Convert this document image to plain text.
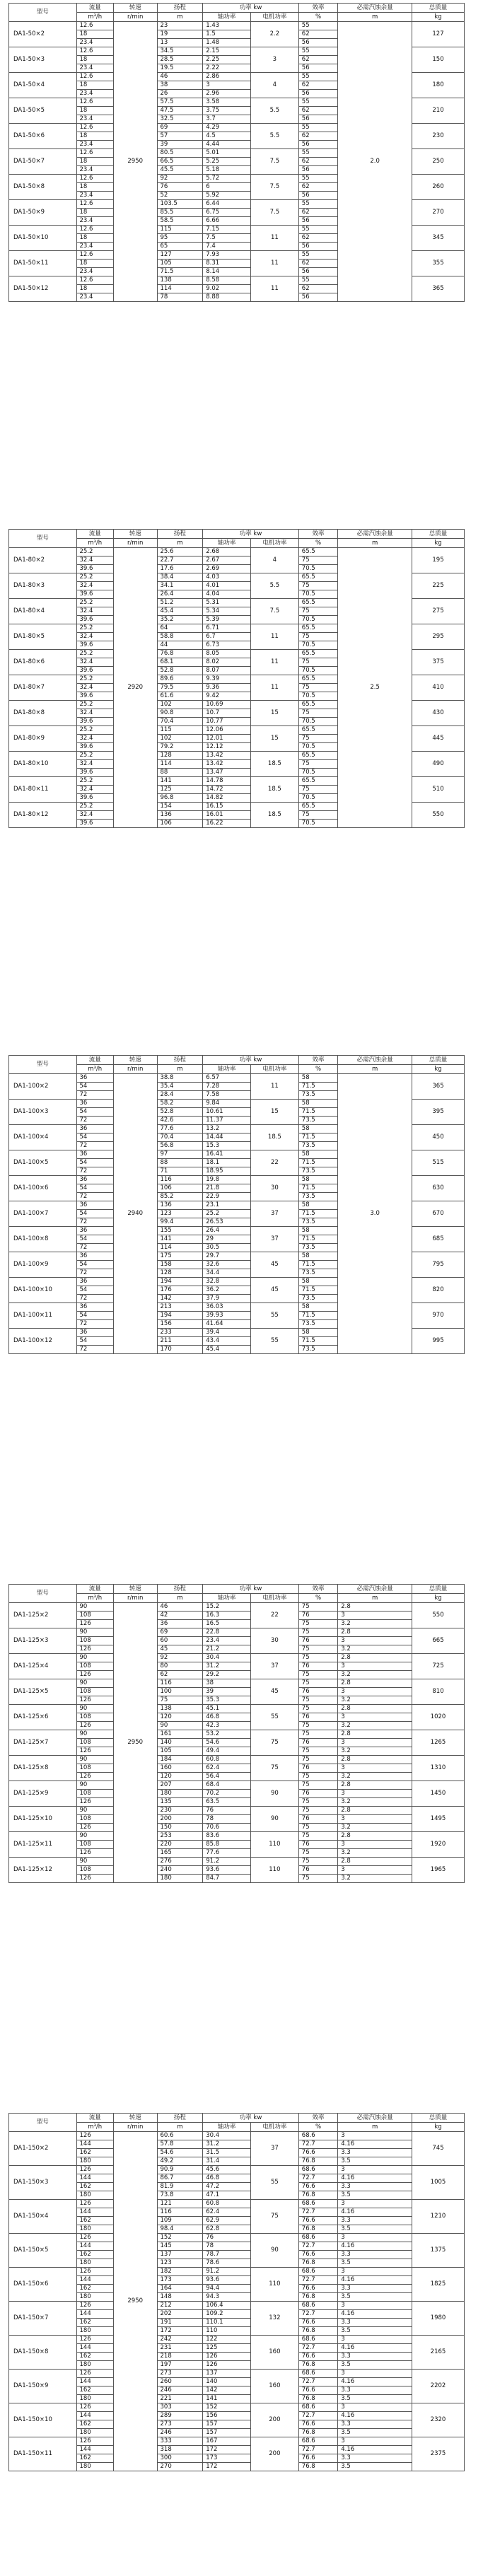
型号	流量	转速	扬程	功率 kw		效率	必需汽蚀余量	总质量
	m³/h	r/min	m	轴功率	电机功率	%	m	kg
DA1-50×2	12.6	2950	23	1.43	2.2	55	2.0	127
	18		19	1.5		62		
	23.4		13	1.48		56		
DA1-50×3	12.6		34.5	2.15	3	55		150
	18		28.5	2.25		62		
	23.4		19.5	2.22		56		
DA1-50×4	12.6		46	2.86	4	55		180
	18		38	3		62		
	23.4		26	2.96		56		
DA1-50×5	12.6		57.5	3.58	5.5	55		210
	18		47.5	3.75		62		
	23.4		32.5	3.7		56		
DA1-50×6	12.6		69	4.29	5.5	55		230
	18		57	4.5		62		
	23.4		39	4.44		56		
DA1-50×7	12.6		80.5	5.01	7.5	55		250
	18		66.5	5.25		62		
	23.4		45.5	5.18		56		
DA1-50×8	12.6		92	5.72	7.5	55		260
	18		76	6		62		
	23.4		52	5.92		56		
DA1-50×9	12.6		103.5	6.44	7.5	55		270
	18		85.5	6.75		62		
	23.4		58.5	6.66		56		
DA1-50×10	12.6		115	7.15	11	55		345
	18		95	7.5		62		
	23.4		65	7.4		56		
DA1-50×11	12.6		127	7.93	11	55		355
	18		105	8.31		62		
	23.4		71.5	8.14		56		
DA1-50×12	12.6		138	8.58	11	55		365
	18		114	9.02		62		
	23.4		78	8.88		56		
型号	流量	转速	扬程	功率 kw		效率	必需汽蚀余量	总质量
	m³/h	r/min	m	轴功率	电机功率	%	m	kg
DA1-80×2	25.2	2920	25.6	2.68	4	65.5	2.5	195
	32.4		22.7	2.67		75		
	39.6		17.6	2.69		70.5		
DA1-80×3	25.2		38.4	4.03	5.5	65.5		225
	32.4		34.1	4.01		75		
	39.6		26.4	4.04		70.5		
DA1-80×4	25.2		51.2	5.31	7.5	65.5		275
	32.4		45.4	5.34		75		
	39.6		35.2	5.39		70.5		
DA1-80×5	25.2		64	6.71	11	65.5		295
	32.4		58.8	6.7		75		
	39.6		44	6.73		70.5		
DA1-80×6	25.2		76.8	8.05	11	65.5		375
	32.4		68.1	8.02		75		
	39.6		52.8	8.07		70.5		
DA1-80×7	25.2		89.6	9.39	11	65.5		410
	32.4		79.5	9.36		75		
	39.6		61.6	9.42		70.5		
DA1-80×8	25.2		102	10.69	15	65.5		430
	32.4		90.8	10.7		75		
	39.6		70.4	10.77		70.5		
DA1-80×9	25.2		115	12.06	15	65.5		445
	32.4		102	12.01		75		
	39.6		79.2	12.12		70.5		
DA1-80×10	25.2		128	13.42	18.5	65.5		490
	32.4		114	13.42		75		
	39.6		88	13.47		70.5		
DA1-80×11	25.2		141	14.78	18.5	65.5		510
	32.4		125	14.72		75		
	39.6		96.8	14.82		70.5		
DA1-80×12	25.2		154	16.15	18.5	65.5		550
	32.4		136	16.01		75		
	39.6		106	16.22		70.5		
型号	流量	转速	扬程	功率 kw		效率	必需汽蚀余量	总质量
	m³/h	r/min	m	轴功率	电机功率	%	m	kg
DA1-100×2	36	2940	38.8	6.57	11	58	3.0	365
	54		35.4	7.28		71.5		
	72		28.4	7.58		73.5		
DA1-100×3	36		58.2	9.84	15	58		395
	54		52.8	10.61		71.5		
	72		42.6	11.37		73.5		
DA1-100×4	36		77.6	13.2	18.5	58		450
	54		70.4	14.44		71.5		
	72		56.8	15.3		73.5		
DA1-100×5	36		97	16.41	22	58		515
	54		88	18.1		71.5		
	72		71	18.95		73.5		
DA1-100×6	36		116	19.8	30	58		630
	54		106	21.8		71.5		
	72		85.2	22.9		73.5		
DA1-100×7	36		136	23.1	37	58		670
	54		123	25.2		71.5		
	72		99.4	26.53		73.5		
DA1-100×8	36		155	26.4	37	58		685
	54		141	29		71.5		
	72		114	30.5		73.5		
DA1-100×9	36		175	29.7	45	58		795
	54		158	32.6		71.5		
	72		128	34.4		73.5		
DA1-100×10	36		194	32.8	45	58		820
	54		176	36.2		71.5		
	72		142	37.9		73.5		
DA1-100×11	36		213	36.03	55	58		970
	54		194	39.93		71.5		
	72		156	41.64		73.5		
DA1-100×12	36		233	39.4	55	58		995
	54		211	43.4		71.5		
	72		170	45.4		73.5		
型号	流量	转速	扬程	功率 kw		效率	必需汽蚀余量	总质量
	m³/h	r/min	m	轴功率	电机功率	%	m	kg
DA1-125×2	90	2950	46	15.2	22	75	2.8	550
	108		42	16.3		76	3	
	126		36	16.5		75	3.2	
DA1-125×3	90		69	22.8	30	75	2.8	665
	108		60	23.4		76	3	
	126		45	21.2		75	3.2	
DA1-125×4	90		92	30.4	37	75	2.8	725
	108		80	31.2		76	3	
	126		62	29.2		75	3.2	
DA1-125×5	90		116	38	45	75	2.8	810
	108		100	39		76	3	
	126		75	35.3		75	3.2	
DA1-125×6	90		138	45.1	55	75	2.8	1020
	108		120	46.8		76	3	
	126		90	42.3		75	3.2	
DA1-125×7	90		161	53.2	75	75	2.8	1265
	108		140	54.6		76	3	
	126		105	49.4		75	3.2	
DA1-125×8	90		184	60.8	75	75	2.8	1310
	108		160	62.4		76	3	
	126		120	56.4		75	3.2	
DA1-125×9	90		207	68.4	90	75	2.8	1450
	108		180	70.2		76	3	
	126		135	63.5		75	3.2	
DA1-125×10	90		230	76	90	75	2.8	1495
	108		200	78		76	3	
	126		150	70.6		75	3.2	
DA1-125×11	90		253	83.6	110	75	2.8	1920
	108		220	85.8		76	3	
	126		165	77.6		75	3.2	
DA1-125×12	90		276	91.2	110	75	2.8	1965
	108		240	93.6		76	3	
	126		180	84.7		75	3.2	
型号	流量	转速	扬程	功率 kw		效率	必需汽蚀余量	总质量
	m³/h	r/min	m	轴功率	电机功率	%	m	kg
DA1-150×2	126	2950	60.6	30.4	37	68.6	3	745
	144		57.8	31.2		72.7	4.16	
	162		54.6	31.5		76.6	3.3	
	180		49.2	31.4		76.8	3.5	
DA1-150×3	126		90.9	45.6	55	68.6	3	1005
	144		86.7	46.8		72.7	4.16	
	162		81.9	47.2		76.6	3.3	
	180		73.8	47.1		76.8	3.5	
DA1-150×4	126		121	60.8	75	68.6	3	1210
	144		116	62.4		72.7	4.16	
	162		109	62.9		76.6	3.3	
	180		98.4	62.8		76.8	3.5	
DA1-150×5	126		152	76	90	68.6	3	1375
	144		145	78		72.7	4.16	
	162		137	78.7		76.6	3.3	
	180		123	78.6		76.8	3.5	
DA1-150×6	126		182	91.2	110	68.6	3	1825
	144		173	93.6		72.7	4.16	
	162		164	94.4		76.6	3.3	
	180		148	94.3		76.8	3.5	
DA1-150×7	126		212	106.4	132	68.6	3	1980
	144		202	109.2		72.7	4.16	
	162		191	110.1		76.6	3.3	
	180		172	110		76.8	3.5	
DA1-150×8	126		242	122	160	68.6	3	2165
	144		231	125		72.7	4.16	
	162		218	126		76.6	3.3	
	180		197	126		76.8	3.5	
DA1-150×9	126		273	137	160	68.6	3	2202
	144		260	140		72.7	4.16	
	162		246	142		76.6	3.3	
	180		221	141		76.8	3.5	
DA1-150×10	126		303	152	200	68.6	3	2320
	144		289	156		72.7	4.16	
	162		273	157		76.6	3.3	
	180		246	157		76.8	3.5	
DA1-150×11	126		333	167	200	68.6	3	2375
	144		318	172		72.7	4.16	
	162		300	173		76.6	3.3	
	180		270	172		76.8	3.5	
